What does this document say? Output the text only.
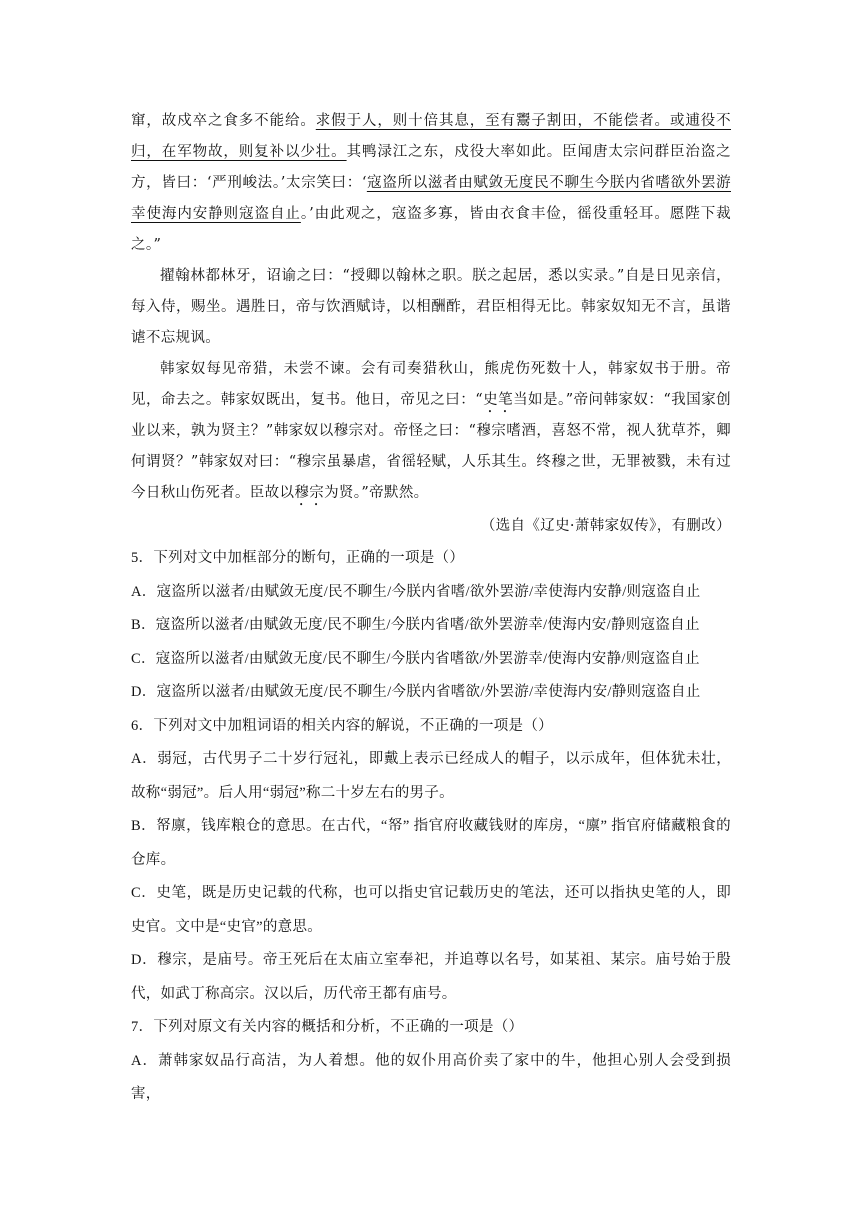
窜，故戍卒之食多不能给。求假于人，则十倍其息，至有鬻子割田，不能偿者。或逋役不归，在军物故，则复补以少壮。其鸭渌江之东，戍役大率如此。臣闻唐太宗问群臣治盗之方，皆曰：‘严刑峻法。’太宗笑曰：‘寇盗所以滋者由赋敛无度民不聊生今朕内省嗜欲外罢游幸使海内安静则寇盗自止。’由此观之，寇盗多寡，皆由衣食丰俭，徭役重轻耳。愿陛下裁之。”

擢翰林都林牙，诏谕之曰：“授卿以翰林之职。朕之起居，悉以实录。”自是日见亲信，每入侍，赐坐。遇胜日，帝与饮酒赋诗，以相酬酢，君臣相得无比。韩家奴知无不言，虽谐谑不忘规讽。

韩家奴每见帝猎，未尝不谏。会有司奏猎秋山，熊虎伤死数十人，韩家奴书于册。帝见，命去之。韩家奴既出，复书。他日，帝见之曰：“史笔当如是。”帝问韩家奴：“我国家创业以来，孰为贤主？”韩家奴以穆宗对。帝怪之曰：“穆宗嗜酒，喜怒不常，视人犹草芥，卿何谓贤？”韩家奴对曰：“穆宗虽暴虐，省徭轻赋，人乐其生。终穆之世，无罪被戮，未有过今日秋山伤死者。臣故以穆宗为贤。”帝默然。

（选自《辽史·萧韩家奴传》，有删改）

5．下列对文中加框部分的断句，正确的一项是（）
A．寇盗所以滋者/由赋敛无度/民不聊生/今朕内省嗜/欲外罢游/幸使海内安静/则寇盗自止
B．寇盗所以滋者/由赋敛无度/民不聊生/今朕内省嗜/欲外罢游幸/使海内安/静则寇盗自止
C．寇盗所以滋者/由赋敛无度/民不聊生/今朕内省嗜欲/外罢游幸/使海内安静/则寇盗自止
D．寇盗所以滋者/由赋敛无度/民不聊生/今朕内省嗜欲/外罢游/幸使海内安/静则寇盗自止
6．下列对文中加粗词语的相关内容的解说，不正确的一项是（）

A．弱冠，古代男子二十岁行冠礼，即戴上表示已经成人的帽子，以示成年，但体犹未壮，故称“弱冠”。后人用“弱冠”称二十岁左右的男子。

B．帑廪，钱库粮仓的意思。在古代，“帑” 指官府收藏钱财的库房，“廪” 指官府储藏粮食的仓库。

C．史笔，既是历史记载的代称，也可以指史官记载历史的笔法，还可以指执史笔的人，即史官。文中是“史官”的意思。

D．穆宗，是庙号。帝王死后在太庙立室奉祀，并追尊以名号，如某祖、某宗。庙号始于殷代，如武丁称高宗。汉以后，历代帝王都有庙号。

7．下列对原文有关内容的概括和分析，不正确的一项是（）

A．萧韩家奴品行高洁，为人着想。他的奴仆用高价卖了家中的牛，他担心别人会受到损害，
